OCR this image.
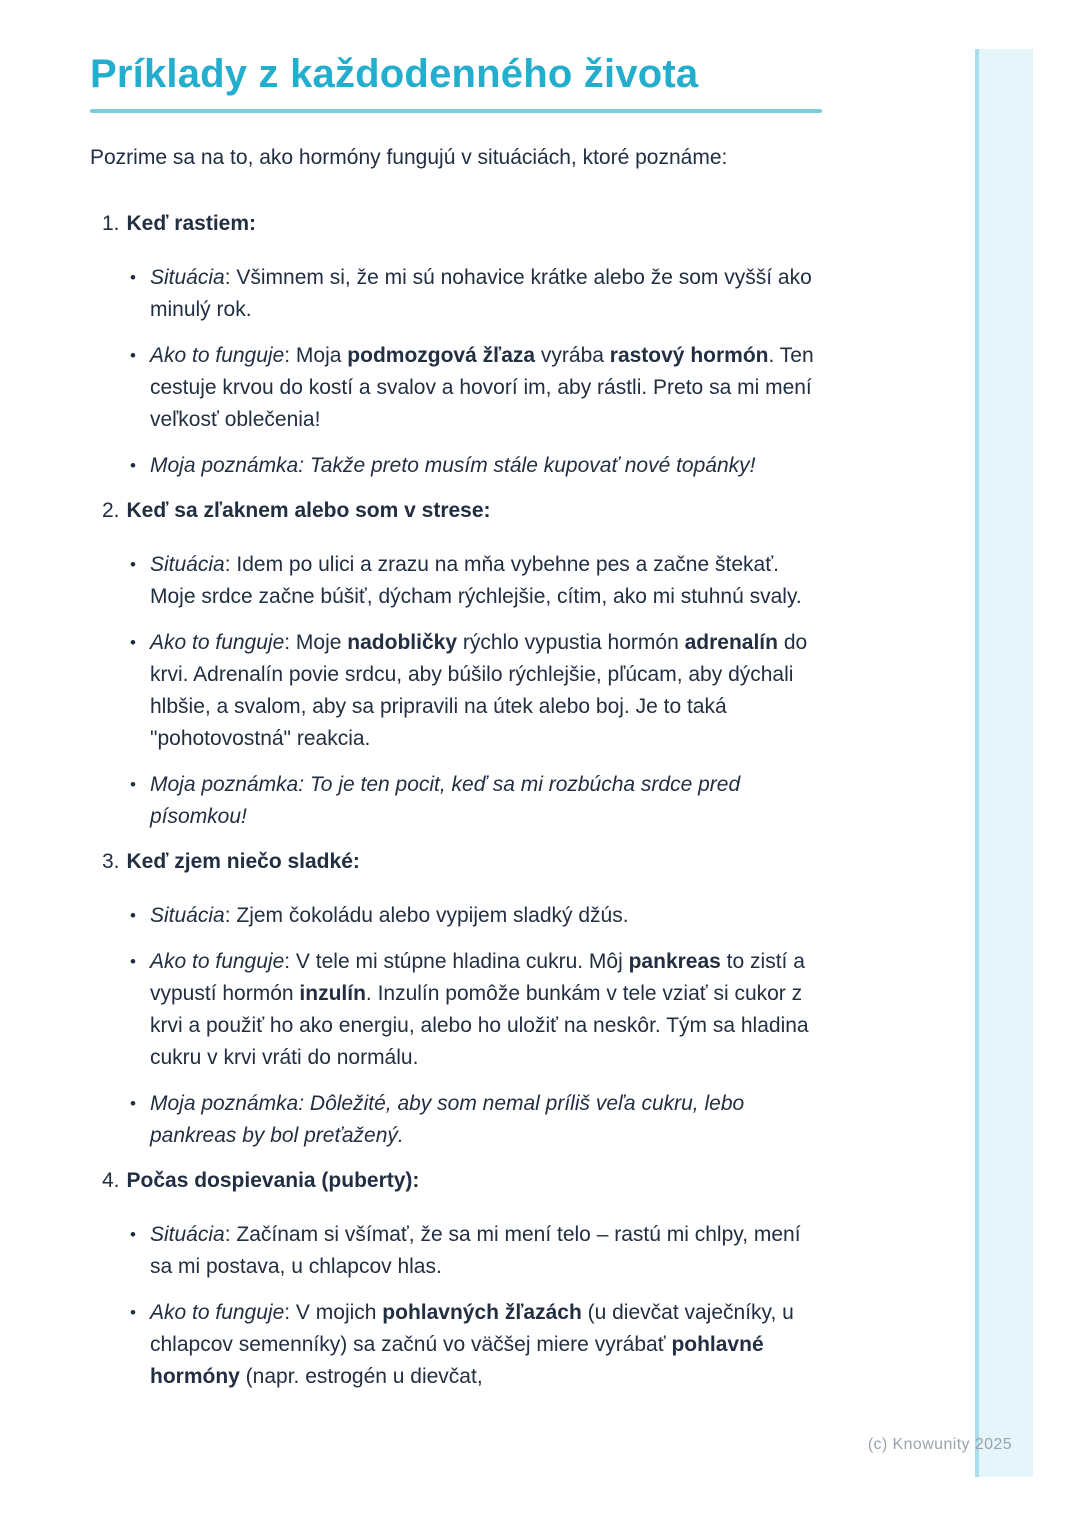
Príklady z každodenného života

Pozrime sa na to, ako hormóny fungujú v situáciách, ktoré poznáme:

1. Keď rastiem:
• Situácia: Všimnem si, že mi sú nohavice krátke alebo že som vyšší ako minulý rok.
• Ako to funguje: Moja podmozgová žľaza vyrába rastový hormón. Ten cestuje krvou do kostí a svalov a hovorí im, aby rástli. Preto sa mi mení veľkosť oblečenia!
• Moja poznámka: Takže preto musím stále kupovať nové topánky!
2. Keď sa zľaknem alebo som v strese:
• Situácia: Idem po ulici a zrazu na mňa vybehne pes a začne štekať. Moje srdce začne búšiť, dýcham rýchlejšie, cítim, ako mi stuhnú svaly.
• Ako to funguje: Moje nadobličky rýchlo vypustia hormón adrenalín do krvi. Adrenalín povie srdcu, aby búšilo rýchlejšie, pľúcam, aby dýchali hlbšie, a svalom, aby sa pripravili na útek alebo boj. Je to taká "pohotovostná" reakcia.
• Moja poznámka: To je ten pocit, keď sa mi rozbúcha srdce pred písomkou!
3. Keď zjem niečo sladké:
• Situácia: Zjem čokoládu alebo vypijem sladký džús.
• Ako to funguje: V tele mi stúpne hladina cukru. Môj pankreas to zistí a vypustí hormón inzulín. Inzulín pomôže bunkám v tele vziať si cukor z krvi a použiť ho ako energiu, alebo ho uložiť na neskôr. Tým sa hladina cukru v krvi vráti do normálu.
• Moja poznámka: Dôležité, aby som nemal príliš veľa cukru, lebo pankreas by bol preťažený.
4. Počas dospievania (puberty):
• Situácia: Začínam si všímať, že sa mi mení telo – rastú mi chlpy, mení sa mi postava, u chlapcov hlas.
• Ako to funguje: V mojich pohlavných žľazách (u dievčat vaječníky, u chlapcov semenníky) sa začnú vo väčšej miere vyrábať pohlavné hormóny (napr. estrogén u dievčat,
(c) Knowunity 2025
